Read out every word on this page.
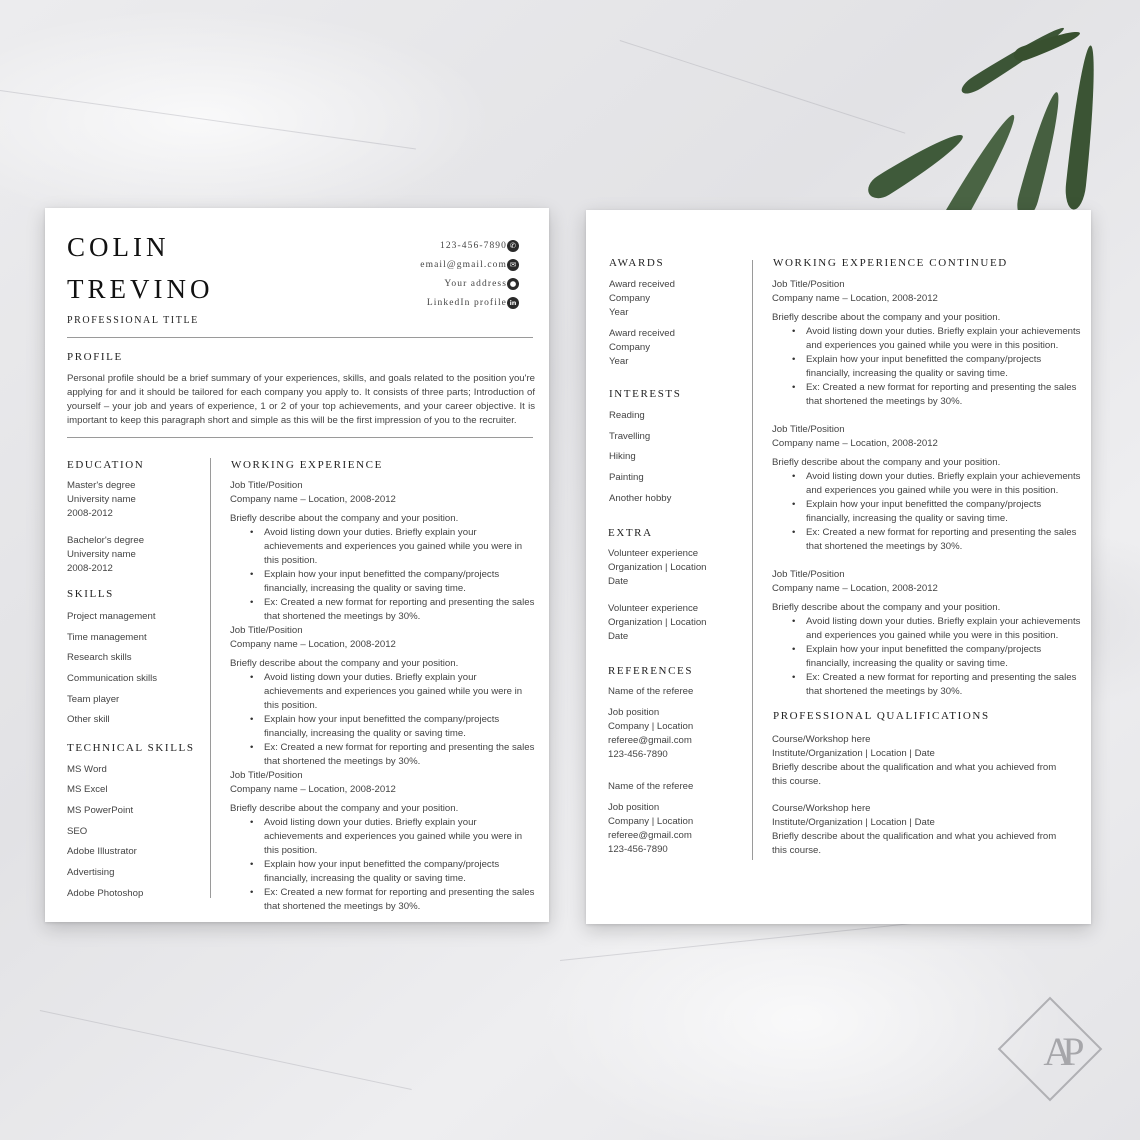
COLIN
TREVINO
PROFESSIONAL TITLE
123-456-7890 ✆
email@gmail.com ✉
Your address ●
LinkedIn profile in
PROFILE
Personal profile should be a brief summary of your experiences, skills, and goals related to the position you're applying for and it should be tailored for each company you apply to. It consists of three parts; Introduction of yourself – your job and years of experience, 1 or 2 of your top achievements, and your career objective. It is important to keep this paragraph short and simple as this will be the first impression of you to the recruiter.
EDUCATION
Master's degree
University name
2008-2012
Bachelor's degree
University name
2008-2012
SKILLS
Project management
Time management
Research skills
Communication skills
Team player
Other skill
TECHNICAL SKILLS
MS Word
MS Excel
MS PowerPoint
SEO
Adobe Illustrator
Advertising
Adobe Photoshop
WORKING EXPERIENCE
Job Title/Position
Company name – Location, 2008-2012
Briefly describe about the company and your position.
• Avoid listing down your duties. Briefly explain your achievements and experiences you gained while you were in this position.
• Explain how your input benefitted the company/projects financially, increasing the quality or saving time.
• Ex: Created a new format for reporting and presenting the sales that shortened the meetings by 30%.
Job Title/Position
Company name – Location, 2008-2012
Briefly describe about the company and your position.
• Avoid listing down your duties. Briefly explain your achievements and experiences you gained while you were in this position.
• Explain how your input benefitted the company/projects financially, increasing the quality or saving time.
• Ex: Created a new format for reporting and presenting the sales that shortened the meetings by 30%.
Job Title/Position
Company name – Location, 2008-2012
Briefly describe about the company and your position.
• Avoid listing down your duties. Briefly explain your achievements and experiences you gained while you were in this position.
• Explain how your input benefitted the company/projects financially, increasing the quality or saving time.
• Ex: Created a new format for reporting and presenting the sales that shortened the meetings by 30%.
AWARDS
Award received
Company
Year
Award received
Company
Year
INTERESTS
Reading
Travelling
Hiking
Painting
Another hobby
EXTRA
Volunteer experience
Organization | Location
Date
Volunteer experience
Organization | Location
Date
REFERENCES
Name of the referee
Job position
Company | Location
referee@gmail.com
123-456-7890
Name of the referee
Job position
Company | Location
referee@gmail.com
123-456-7890
WORKING EXPERIENCE CONTINUED
Job Title/Position
Company name – Location, 2008-2012
Briefly describe about the company and your position.
• Avoid listing down your duties. Briefly explain your achievements and experiences you gained while you were in this position.
• Explain how your input benefitted the company/projects financially, increasing the quality or saving time.
• Ex: Created a new format for reporting and presenting the sales that shortened the meetings by 30%.
Job Title/Position
Company name – Location, 2008-2012
Briefly describe about the company and your position.
• Avoid listing down your duties. Briefly explain your achievements and experiences you gained while you were in this position.
• Explain how your input benefitted the company/projects financially, increasing the quality or saving time.
• Ex: Created a new format for reporting and presenting the sales that shortened the meetings by 30%.
Job Title/Position
Company name – Location, 2008-2012
Briefly describe about the company and your position.
• Avoid listing down your duties. Briefly explain your achievements and experiences you gained while you were in this position.
• Explain how your input benefitted the company/projects financially, increasing the quality or saving time.
• Ex: Created a new format for reporting and presenting the sales that shortened the meetings by 30%.
PROFESSIONAL QUALIFICATIONS
Course/Workshop here
Institute/Organization | Location | Date
Briefly describe about the qualification and what you achieved from this course.
Course/Workshop here
Institute/Organization | Location | Date
Briefly describe about the qualification and what you achieved from this course.
AP
